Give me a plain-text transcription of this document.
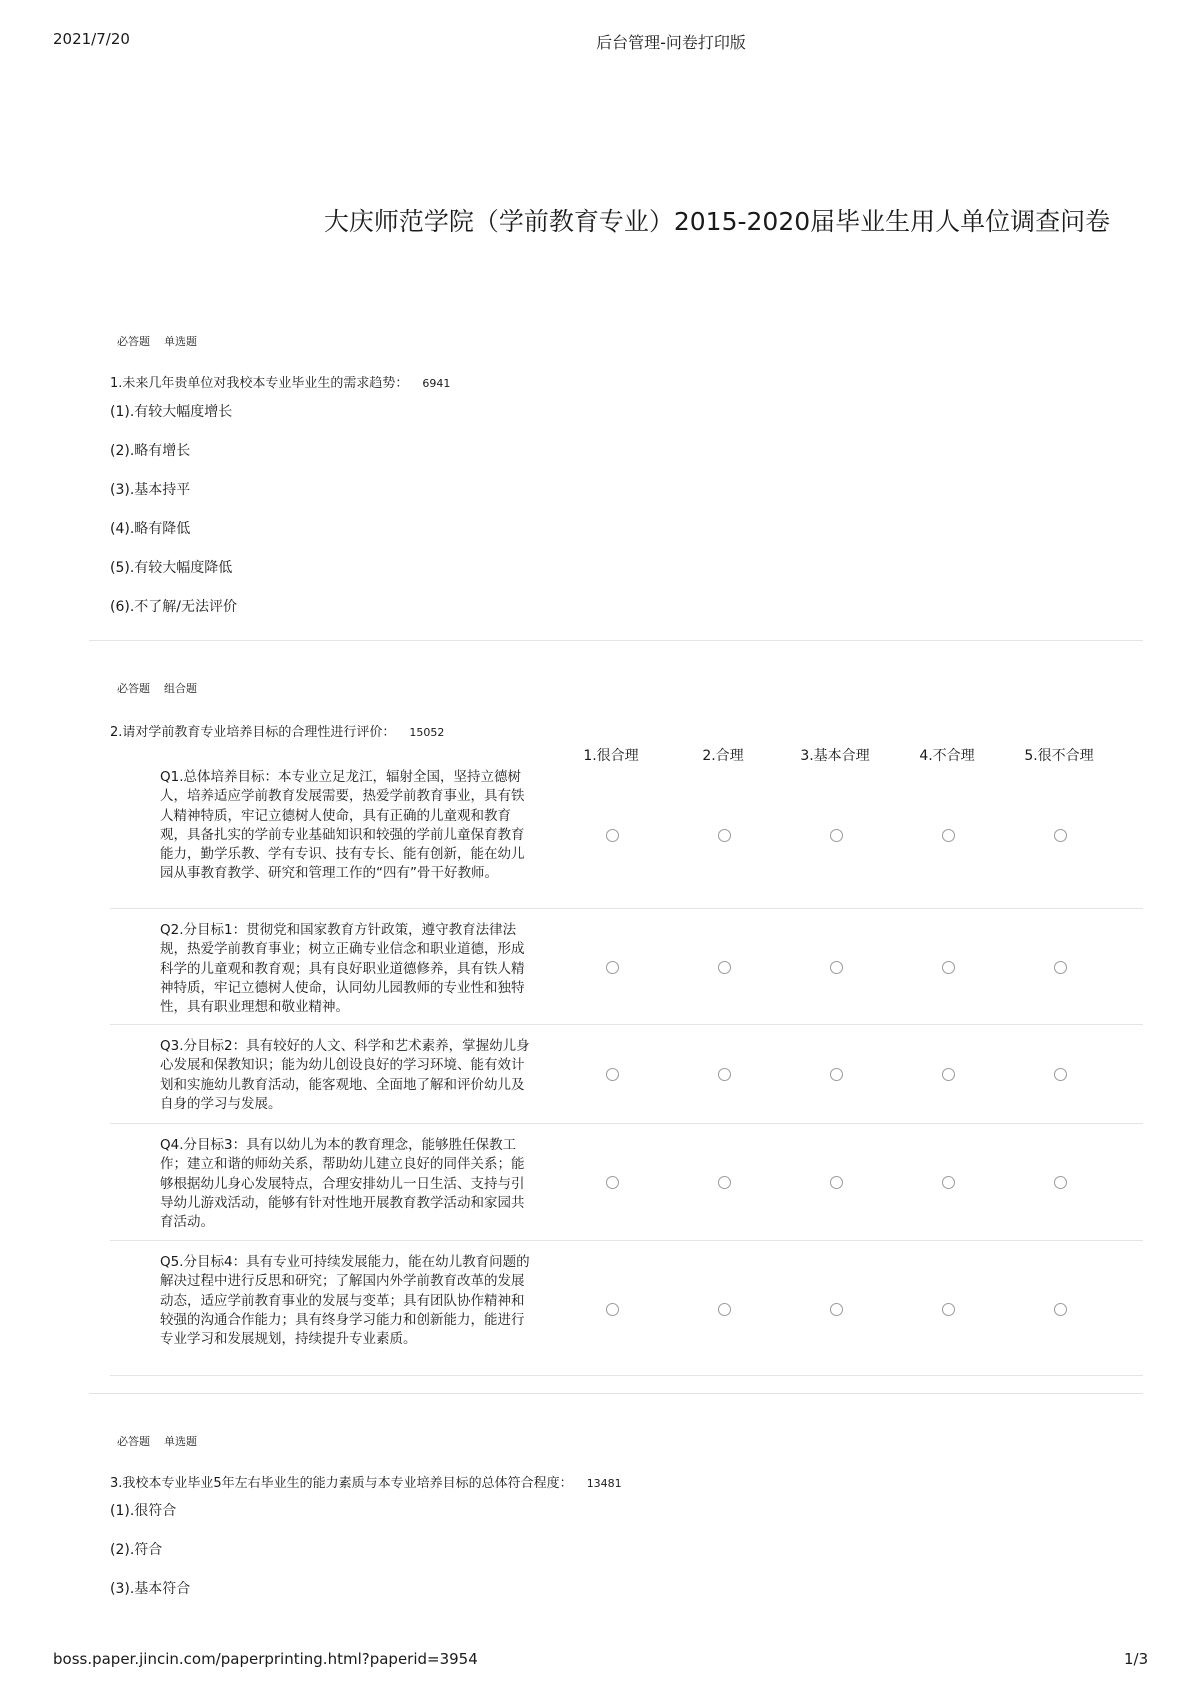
2021/7/20	后台管理-问卷打印版
大庆师范学院（学前教育专业）2015-2020届毕业生用人单位调查问卷
必答题 单选题
1.未来几年贵单位对我校本专业毕业生的需求趋势： 6941
(1).有较大幅度增长
(2).略有增长
(3).基本持平
(4).略有降低
(5).有较大幅度降低
(6).不了解/无法评价
必答题 组合题
2.请对学前教育专业培养目标的合理性进行评价： 15052
1.很合理	2.合理	3.基本合理	4.不合理	5.很不合理
Q1.总体培养目标：本专业立足龙江，辐射全国，坚持立德树人，培养适应学前教育发展需要，热爱学前教育事业，具有铁人精神特质，牢记立德树人使命，具有正确的儿童观和教育观，具备扎实的学前专业基础知识和较强的学前儿童保育教育能力，勤学乐教、学有专识、技有专长、能有创新，能在幼儿园从事教育教学、研究和管理工作的“四有”骨干好教师。
Q2.分目标1：贯彻党和国家教育方针政策，遵守教育法律法规，热爱学前教育事业；树立正确专业信念和职业道德，形成科学的儿童观和教育观；具有良好职业道德修养，具有铁人精神特质，牢记立德树人使命，认同幼儿园教师的专业性和独特性，具有职业理想和敬业精神。
Q3.分目标2：具有较好的人文、科学和艺术素养，掌握幼儿身心发展和保教知识；能为幼儿创设良好的学习环境、能有效计划和实施幼儿教育活动，能客观地、全面地了解和评价幼儿及自身的学习与发展。
Q4.分目标3：具有以幼儿为本的教育理念，能够胜任保教工作；建立和谐的师幼关系，帮助幼儿建立良好的同伴关系；能够根据幼儿身心发展特点，合理安排幼儿一日生活、支持与引导幼儿游戏活动，能够有针对性地开展教育教学活动和家园共育活动。
Q5.分目标4：具有专业可持续发展能力，能在幼儿教育问题的解决过程中进行反思和研究；了解国内外学前教育改革的发展动态，适应学前教育事业的发展与变革；具有团队协作精神和较强的沟通合作能力；具有终身学习能力和创新能力，能进行专业学习和发展规划，持续提升专业素质。
必答题 单选题
3.我校本专业毕业5年左右毕业生的能力素质与本专业培养目标的总体符合程度： 13481
(1).很符合
(2).符合
(3).基本符合
boss.paper.jincin.com/paperprinting.html?paperid=3954	1/3
